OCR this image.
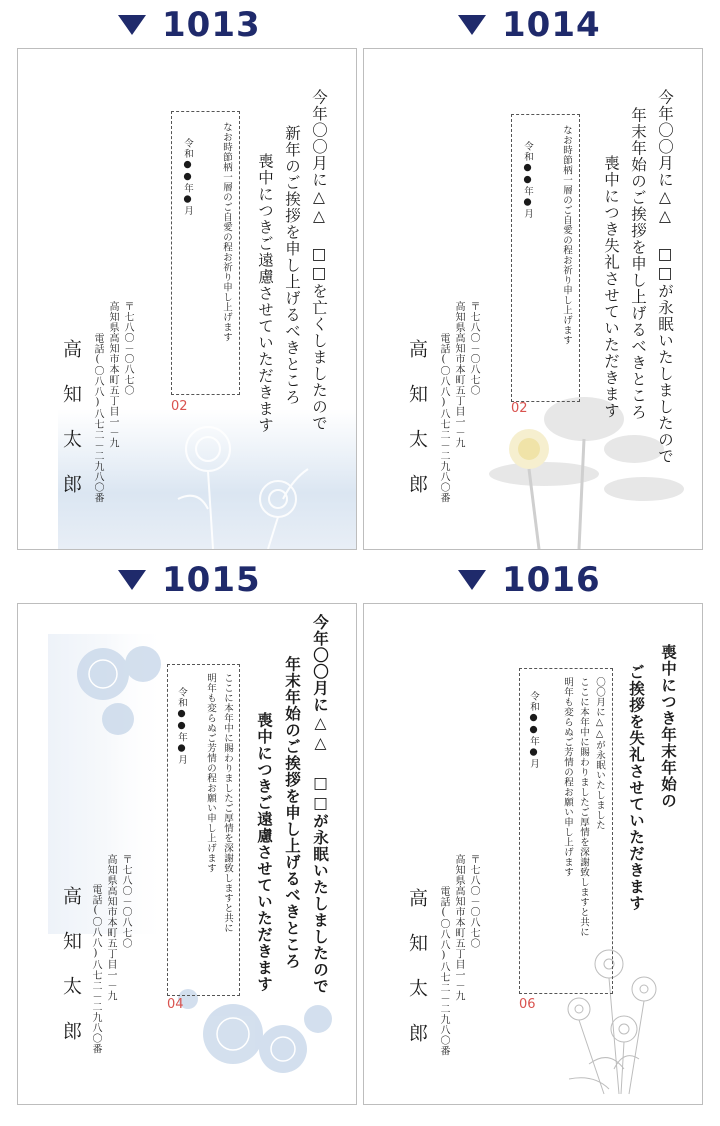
1013
今年〇〇月に△△ □□を亡くしましたので
新年のご挨拶を申し上げるべきところ
喪中につきご遠慮させていただきます
なお時節柄一層のご自愛の程お祈り申し上げます
令和●●年●月
02
〒七八〇－〇八七〇
高知県高知市本町五丁目一－九
電話(〇八八)八七二－二九八〇番
高知太郎
1014
今年〇〇月に△△ □□が永眠いたしましたので
年末年始のご挨拶を申し上げるべきところ
喪中につき失礼させていただきます
なお時節柄一層のご自愛の程お祈り申し上げます
令和●●年●月
02
〒七八〇－〇八七〇
高知県高知市本町五丁目一－九
電話(〇八八)八七二－二九八〇番
高知太郎
1015
今年〇〇月に△△ □□が永眠いたしましたので
年末年始のご挨拶を申し上げるべきところ
喪中につきご遠慮させていただきます
ここに本年中に賜わりましたご厚情を深謝致しますと共に
明年も変らぬご芳情の程お願い申し上げます
令和●●年●月
04
〒七八〇－〇八七〇
高知県高知市本町五丁目一－九
電話(〇八八)八七二－二九八〇番
高知太郎
1016
喪中につき年末年始の
ご挨拶を失礼させていただきます
〇〇月に△△が永眠いたしました
ここに本年中に賜わりましたご厚情を深謝致しますと共に
明年も変らぬご芳情の程お願い申し上げます
令和●●年●月
06
〒七八〇－〇八七〇
高知県高知市本町五丁目一－九
電話(〇八八)八七二－二九八〇番
高知太郎
